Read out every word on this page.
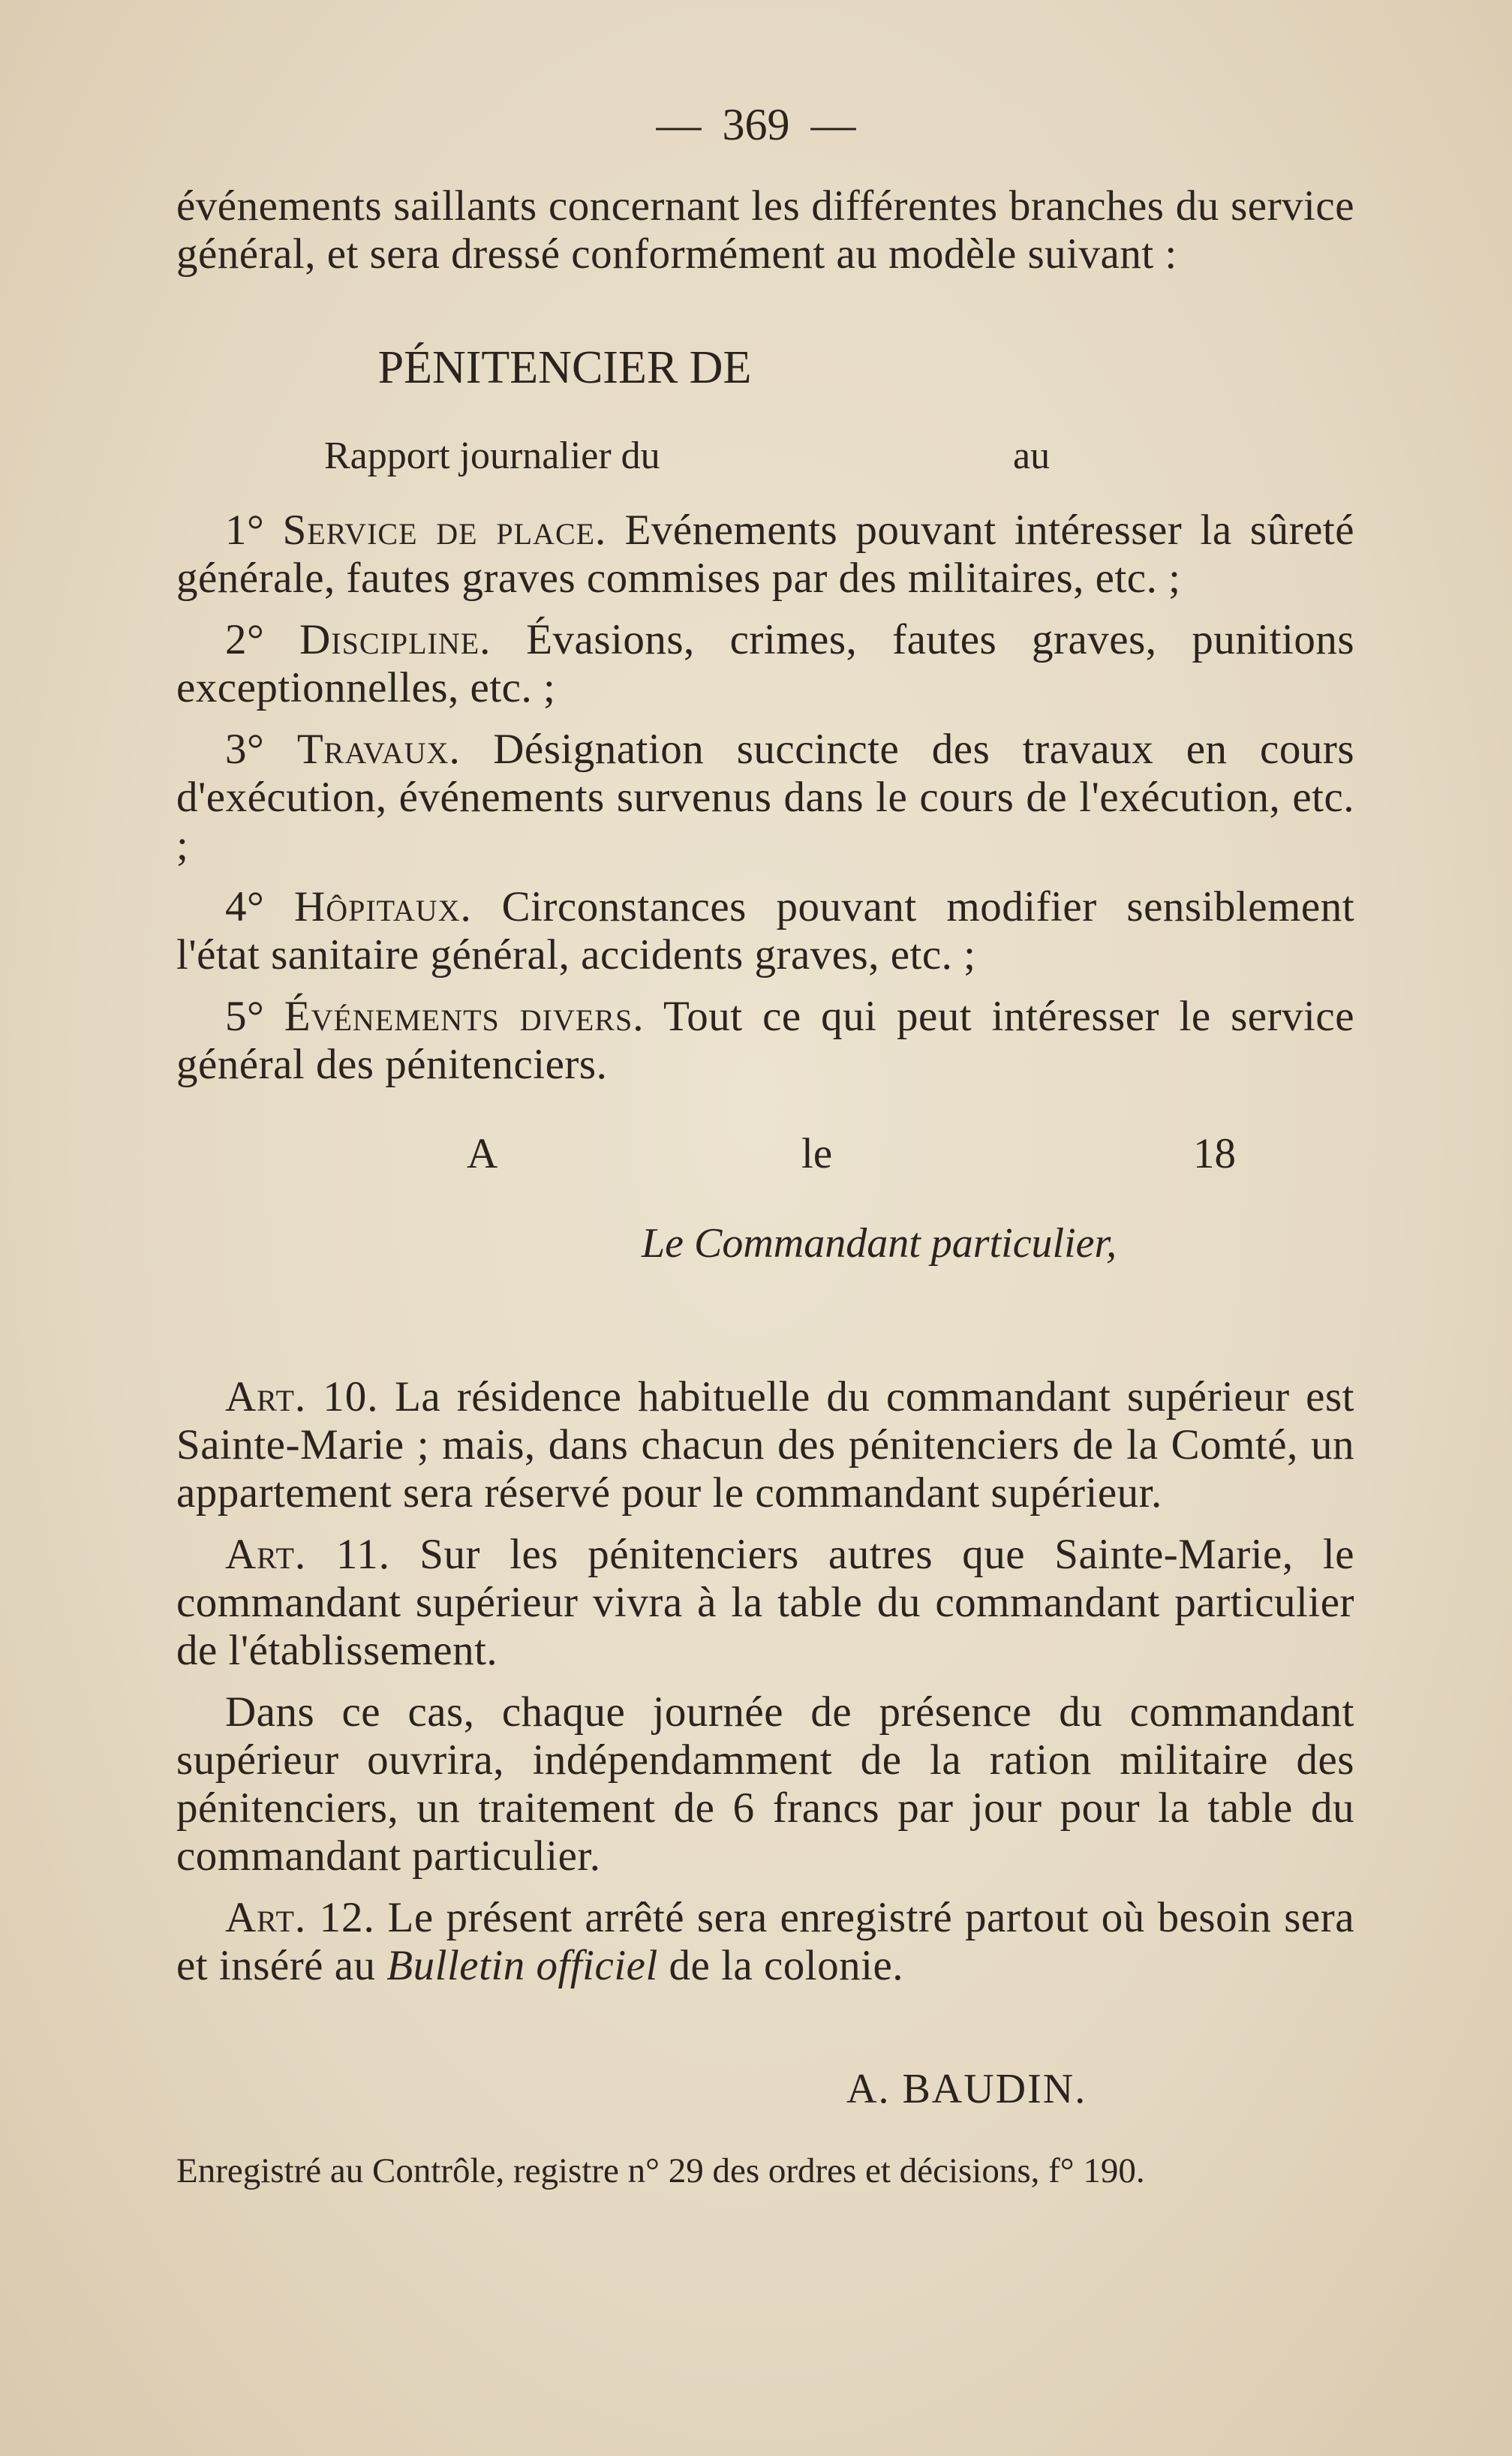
— 369 —
événements saillants concernant les différentes branches du service général, et sera dressé conformément au modèle suivant :
PÉNITENCIER DE
Rapport journalier du	au

1° Service de place. Evénements pouvant intéresser la sûreté générale, fautes graves commises par des militaires, etc. ;

2° Discipline. Évasions, crimes, fautes graves, punitions exceptionnelles, etc. ;

3° Travaux. Désignation succincte des travaux en cours d'exécution, événements survenus dans le cours de l'exécution, etc. ;

4° Hôpitaux. Circonstances pouvant modifier sensiblement l'état sanitaire général, accidents graves, etc. ;

5° Événements divers. Tout ce qui peut intéresser le service général des pénitenciers.

A	le	18
Le Commandant particulier,

Art. 10. La résidence habituelle du commandant supérieur est Sainte-Marie ; mais, dans chacun des pénitenciers de la Comté, un appartement sera réservé pour le commandant supérieur.

Art. 11. Sur les pénitenciers autres que Sainte-Marie, le commandant supérieur vivra à la table du commandant particulier de l'établissement.

Dans ce cas, chaque journée de présence du commandant supérieur ouvrira, indépendamment de la ration militaire des pénitenciers, un traitement de 6 francs par jour pour la table du commandant particulier.

Art. 12. Le présent arrêté sera enregistré partout où besoin sera et inséré au Bulletin officiel de la colonie.

A. BAUDIN.
Enregistré au Contrôle, registre n° 29 des ordres et décisions, f° 190.
